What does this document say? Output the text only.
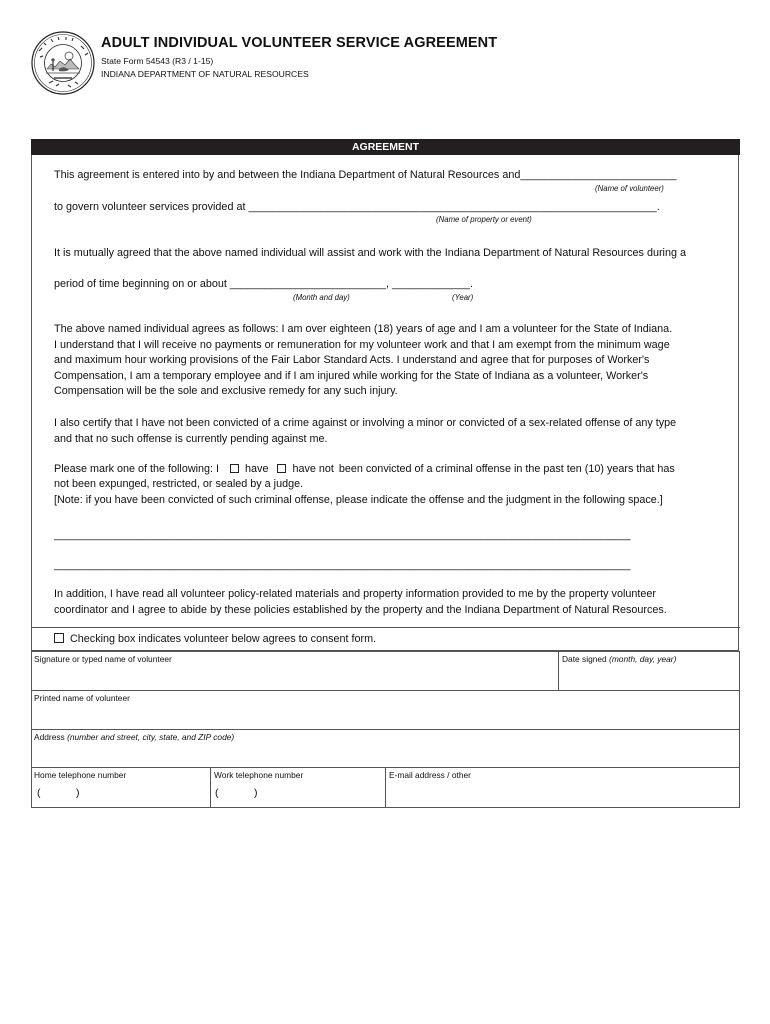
ADULT INDIVIDUAL VOLUNTEER SERVICE AGREEMENT
State Form 54543 (R3 / 1-15)
INDIANA DEPARTMENT OF NATURAL RESOURCES
AGREEMENT
This agreement is entered into by and between the Indiana Department of Natural Resources and__________________________
(Name of volunteer)
to govern volunteer services provided at ____________________________________________________________________.
(Name of property or event)
It is mutually agreed that the above named individual will assist and work with the Indiana Department of Natural Resources during a
period of time beginning on or about __________________________, _____________.
(Month and day)	(Year)
The above named individual agrees as follows: I am over eighteen (18) years of age and I am a volunteer for the State of Indiana.
I understand that I will receive no payments or remuneration for my volunteer work and that I am exempt from the minimum wage
and maximum hour working provisions of the Fair Labor Standard Acts. I understand and agree that for purposes of Worker's
Compensation, I am a temporary employee and if I am injured while working for the State of Indiana as a volunteer, Worker's
Compensation will be the sole and exclusive remedy for any such injury.
I also certify that I have not been convicted of a crime against or involving a minor or convicted of a sex-related offense of any type
and that no such offense is currently pending against me.
Please mark one of the following: I have have not been convicted of a criminal offense in the past ten (10) years that has
not been expunged, restricted, or sealed by a judge.
[Note: if you have been convicted of such criminal offense, please indicate the offense and the judgment in the following space.]
________________________________________________________________________________________________
________________________________________________________________________________________________
In addition, I have read all volunteer policy-related materials and property information provided to me by the property volunteer
coordinator and I agree to abide by these policies established by the property and the Indiana Department of Natural Resources.
Checking box indicates volunteer below agrees to consent form.
Signature or typed name of volunteer	Date signed (month, day, year)
Printed name of volunteer
Address (number and street, city, state, and ZIP code)
Home telephone number
(	)
Work telephone number
(	)
E-mail address / other
